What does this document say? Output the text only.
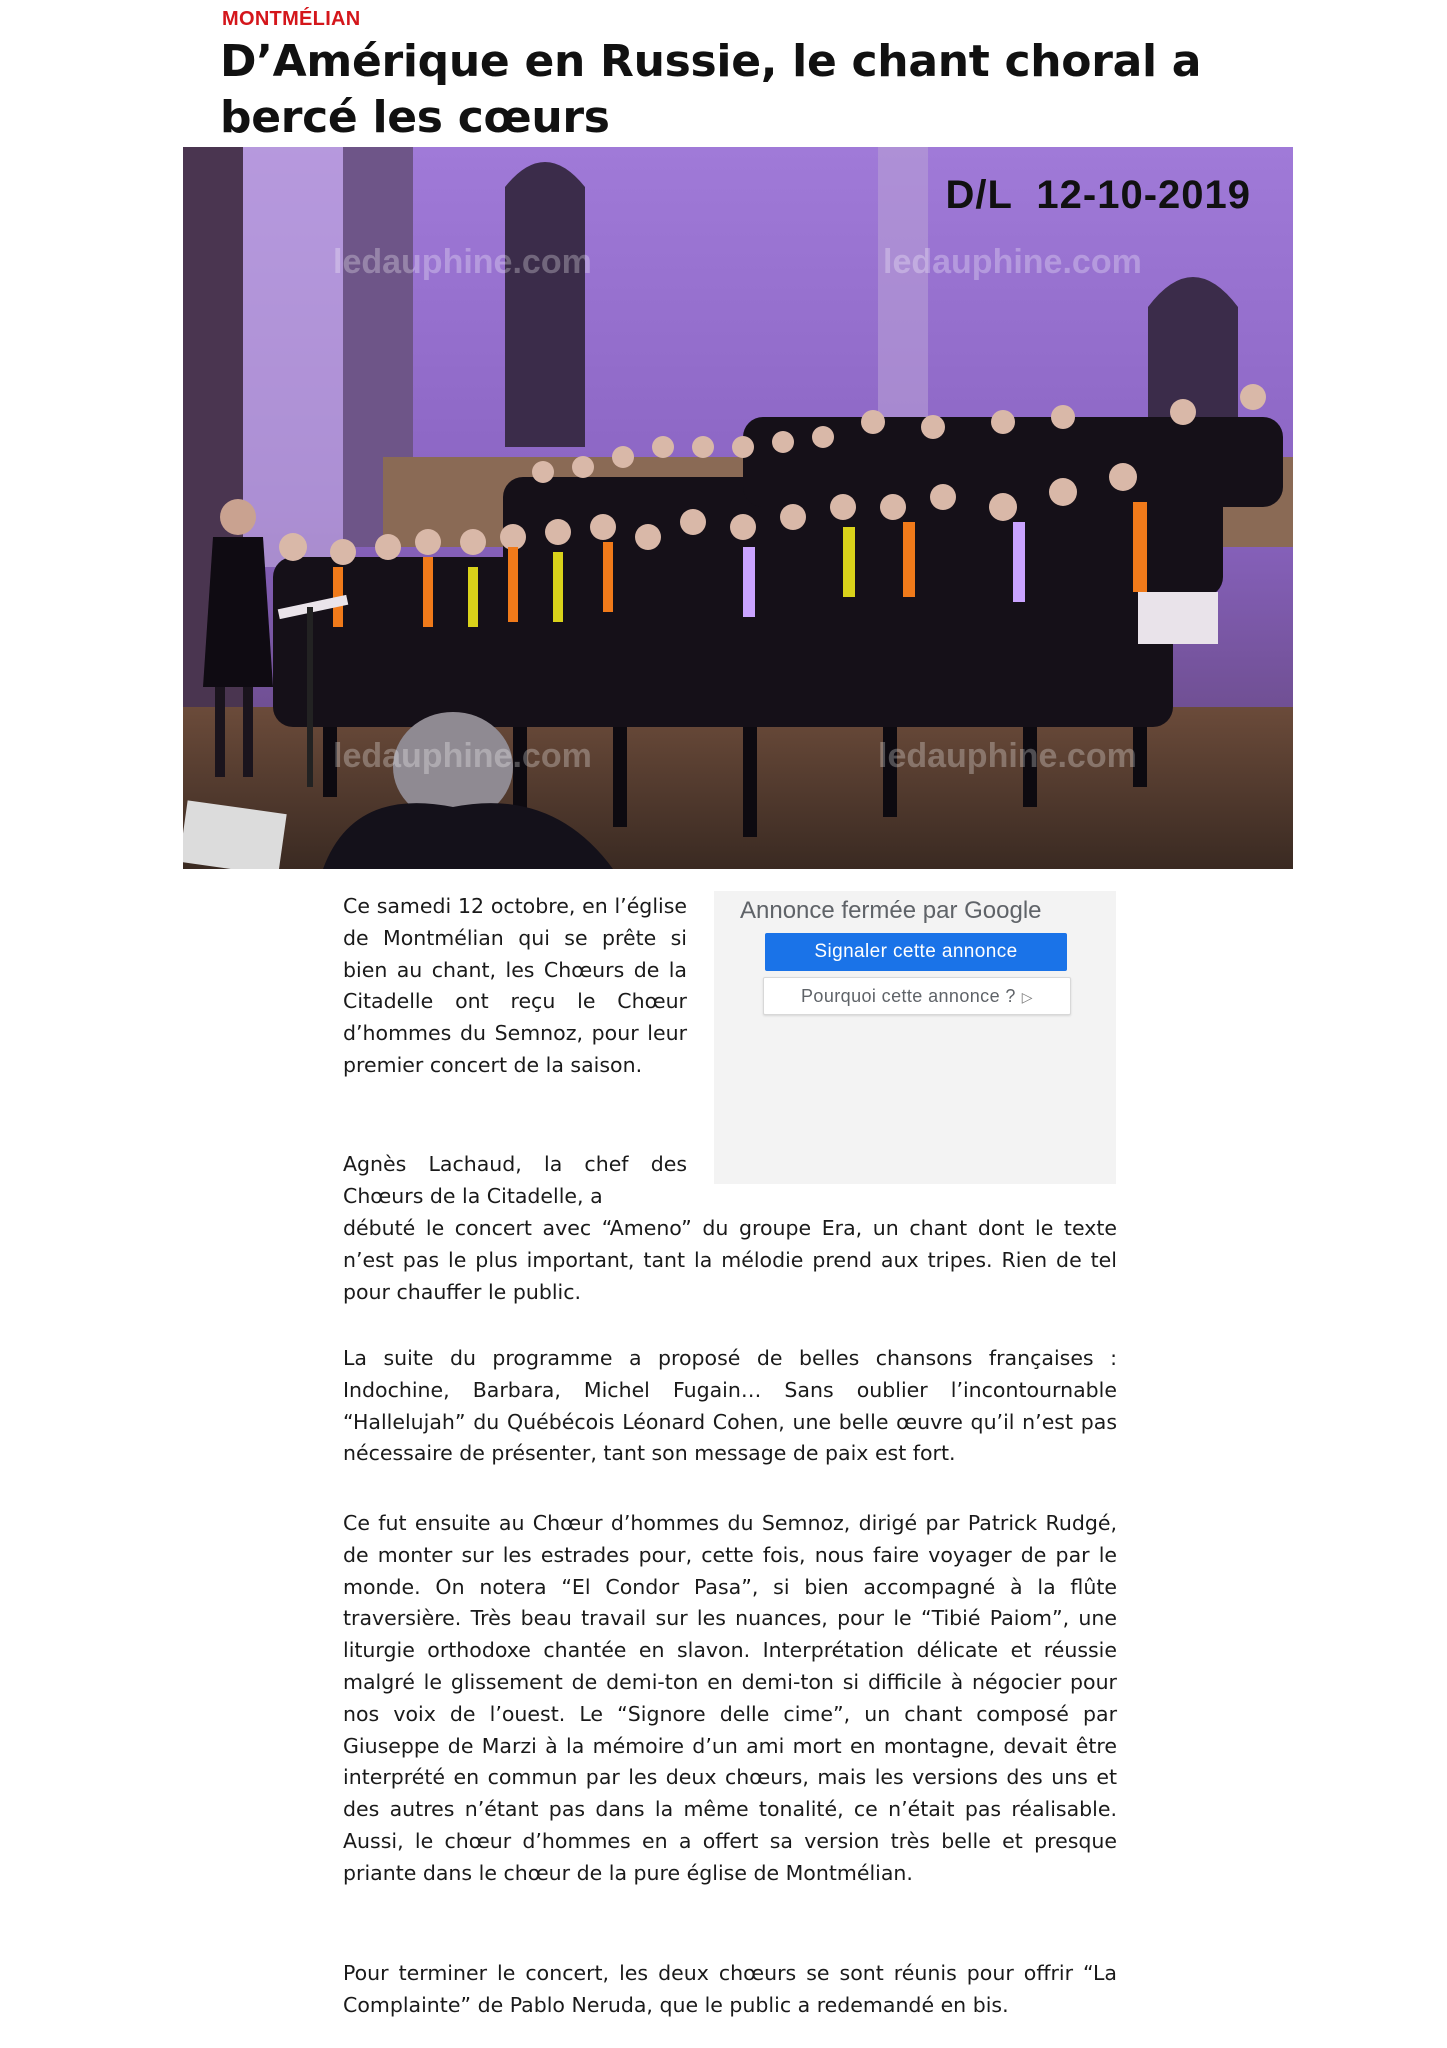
MONTMÉLIAN
D’Amérique en Russie, le chant choral a bercé les cœurs
ledauphine.com	ledauphine.com
ledauphine.com	ledauphine.com
D/L  12-10-2019
Annonce fermée par Google
Signaler cette annonce
Pourquoi cette annonce ? ▷

Ce samedi 12 octobre, en l’église de Montmélian qui se prête si bien au chant, les Chœurs de la Citadelle ont reçu le Chœur d’hommes du Semnoz, pour leur premier concert de la saison.

Agnès Lachaud, la chef des Chœurs de la Citadelle, a

débuté le concert avec “Ameno” du groupe Era, un chant dont le texte n’est pas le plus important, tant la mélodie prend aux tripes. Rien de tel pour chauffer le public.

La suite du programme a proposé de belles chansons françaises : Indochine, Barbara, Michel Fugain… Sans oublier l’incontournable “Hallelujah” du Québécois Léonard Cohen, une belle œuvre qu’il n’est pas nécessaire de présenter, tant son message de paix est fort.

Ce fut ensuite au Chœur d’hommes du Semnoz, dirigé par Patrick Rudgé, de monter sur les estrades pour, cette fois, nous faire voyager de par le monde. On notera “El Condor Pasa”, si bien accompagné à la flûte traversière. Très beau travail sur les nuances, pour le “Tibié Paiom”, une liturgie orthodoxe chantée en slavon. Interprétation délicate et réussie malgré le glissement de demi-ton en demi-ton si difficile à négocier pour nos voix de l’ouest. Le “Signore delle cime”, un chant composé par Giuseppe de Marzi à la mémoire d’un ami mort en montagne, devait être interprété en commun par les deux chœurs, mais les versions des uns et des autres n’étant pas dans la même tonalité, ce n’était pas réalisable. Aussi, le chœur d’hommes en a offert sa version très belle et presque priante dans le chœur de la pure église de Montmélian.

Pour terminer le concert, les deux chœurs se sont réunis pour offrir “La Complainte” de Pablo Neruda, que le public a redemandé en bis.
